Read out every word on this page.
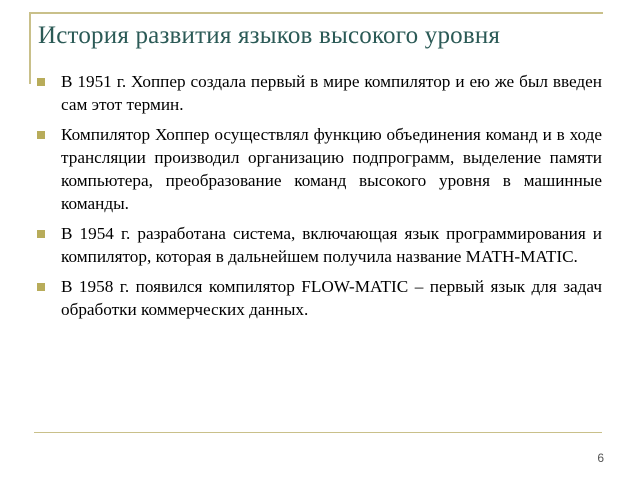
История развития языков высокого уровня
В 1951 г. Хоппер создала первый в мире компилятор и ею же был введен сам этот термин.
Компилятор Хоппер осуществлял функцию объединения команд и в ходе трансляции производил организацию подпрограмм, выделение памяти компьютера, преобразование команд высокого уровня в машинные команды.
В 1954 г. разработана система, включающая язык программирования и компилятор, которая в дальнейшем получила название MATH-MATIC.
В 1958 г. появился компилятор FLOW-MATIC – первый язык для задач обработки коммерческих данных.
6
